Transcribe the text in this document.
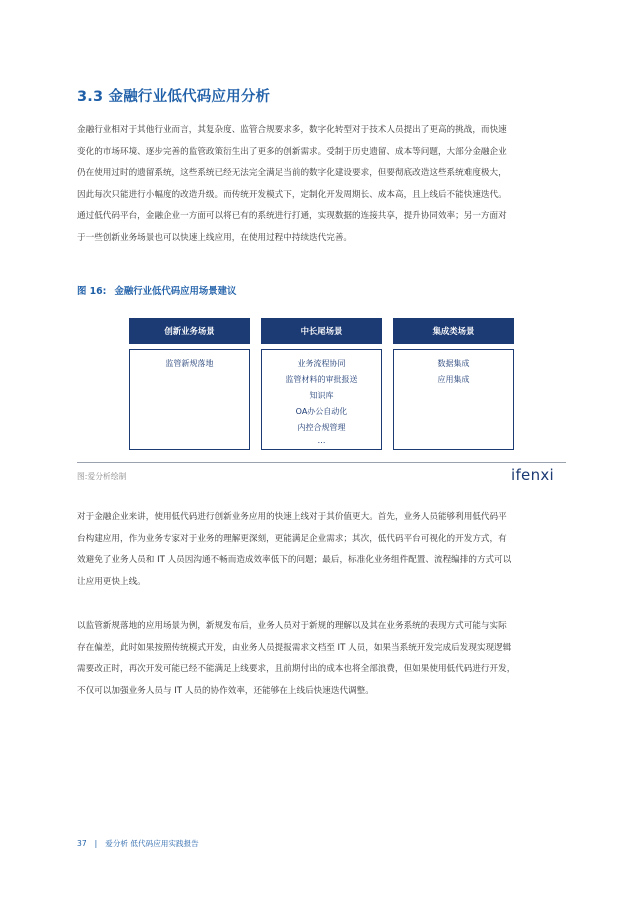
3.3 金融行业低代码应用分析
金融行业相对于其他行业而言，其复杂度、监管合规要求多，数字化转型对于技术人员提出了更高的挑战，而快速
变化的市场环境、逐步完善的监管政策衍生出了更多的创新需求。受制于历史遗留、成本等问题，大部分金融企业
仍在使用过时的遗留系统，这些系统已经无法完全满足当前的数字化建设要求，但要彻底改造这些系统难度极大，
因此每次只能进行小幅度的改造升级。而传统开发模式下，定制化开发周期长、成本高，且上线后不能快速迭代。
通过低代码平台，金融企业一方面可以将已有的系统进行打通，实现数据的连接共享，提升协同效率；另一方面对
于一些创新业务场景也可以快速上线应用，在使用过程中持续迭代完善。
图 16: 金融行业低代码应用场景建议
创新业务场景
监管新规落地
中长尾场景
业务流程协同
监管材料的审批报送
知识库
OA办公自动化
内控合规管理
…
集成类场景
数据集成
应用集成
图:爱分析绘制	ifenxi
对于金融企业来讲，使用低代码进行创新业务应用的快速上线对于其价值更大。首先，业务人员能够利用低代码平
台构建应用，作为业务专家对于业务的理解更深刻，更能满足企业需求；其次，低代码平台可视化的开发方式，有
效避免了业务人员和 IT 人员因沟通不畅而造成效率低下的问题；最后，标准化业务组件配置、流程编排的方式可以
让应用更快上线。
以监管新规落地的应用场景为例，新规发布后，业务人员对于新规的理解以及其在业务系统的表现方式可能与实际
存在偏差，此时如果按照传统模式开发，由业务人员提报需求文档至 IT 人员，如果当系统开发完成后发现实现逻辑
需要改正时，再次开发可能已经不能满足上线要求，且前期付出的成本也将全部浪费，但如果使用低代码进行开发，
不仅可以加强业务人员与 IT 人员的协作效率，还能够在上线后快速迭代调整。
37 | 爱分析 低代码应用实践报告
